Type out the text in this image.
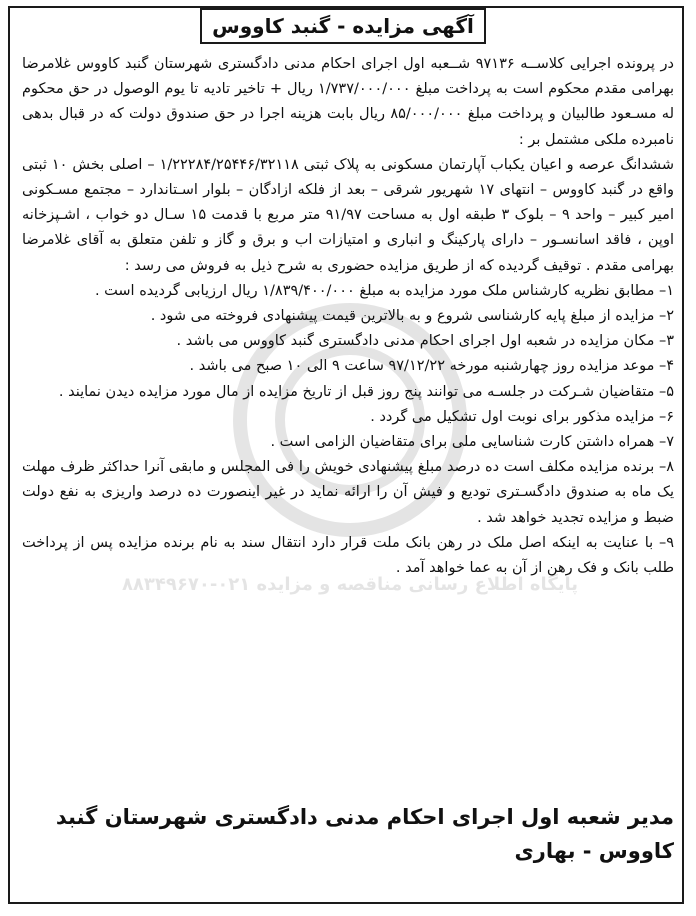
آگهی مزایده - گنبد کاووس

در پرونده اجرایی کلاســه ۹۷۱۳۶ شــعبه اول اجرای احکام مدنی دادگستری شهرستان گنبد کاووس غلامرضا بهرامی مقدم محکوم است به پرداخت مبلغ ۱/۷۳۷/۰۰۰/۰۰۰ ریال + تاخیر تادیه تا یوم الوصول در حق محکوم له مسـعود طالبیان و پرداخت مبلغ ۸۵/۰۰۰/۰۰۰ ریال بابت هزینه اجرا در حق صندوق دولت که در قبال بدهی نامبرده ملکی مشتمل بر :

ششدانگ عرصه و اعیان یکباب آپارتمان مسکونی به پلاک ثبتی ۱/۲۲۲۸۴/۲۵۴۴۶/۳۲۱۱۸ – اصلی بخش ۱۰ ثبتی واقع در گنبد کاووس – انتهای ۱۷ شهریور شرقی – بعد از فلکه ازادگان – بلوار اسـتاندارد – مجتمع مسـکونی امیر کبیر – واحد ۹ – بلوک ۳ طبقه اول به مساحت ۹۱/۹۷ متر مربع با قدمت ۱۵ سـال دو خواب ، اشـپزخانه اوپن ، فاقد اسانسـور – دارای پارکینگ و انباری و امتیازات اب و برق و گاز و تلفن متعلق به آقای غلامرضا بهرامی مقدم . توقیف گردیده که از طریق مزایده حضوری به شرح ذیل به فروش می رسد :

۱– مطابق نظریه کارشناس ملک مورد مزایده به مبلغ ۱/۸۳۹/۴۰۰/۰۰۰ ریال ارزیابی گردیده است .

۲– مزایده از مبلغ پایه کارشناسی شروع و به بالاترین قیمت پیشنهادی فروخته می شود .

۳– مکان مزایده در شعبه اول اجرای احکام مدنی دادگستری گنبد کاووس می باشد .

۴– موعد مزایده روز چهارشنبه مورخه ۹۷/۱۲/۲۲ ساعت ۹ الی ۱۰ صبح می باشد .

۵– متقاضیان شـرکت در جلسـه می توانند پنج روز قبل از تاریخ مزایده از مال مورد مزایده دیدن نمایند .

۶– مزایده مذکور برای نوبت اول تشکیل می گردد .

۷– همراه داشتن کارت شناسایی ملی برای متقاضیان الزامی است .

۸– برنده مزایده مکلف است ده درصد مبلغ پیشنهادی خویش را فی المجلس و مابقی آنرا حداکثر ظرف مهلت یک ماه به صندوق دادگسـتری تودیع و فیش آن را ارائه نماید در غیر اینصورت ده درصد واریزی به نفع دولت ضبط و مزایده تجدید خواهد شد .

۹– با عنایت به اینکه اصل ملک در رهن بانک ملت قرار دارد انتقال سند به نام برنده مزایده پس از پرداخت طلب بانک و فک رهن از آن به عما خواهد آمد .

مدیر شعبه اول اجرای احکام مدنی دادگستری شهرستان گنبد کاووس - بهاری
